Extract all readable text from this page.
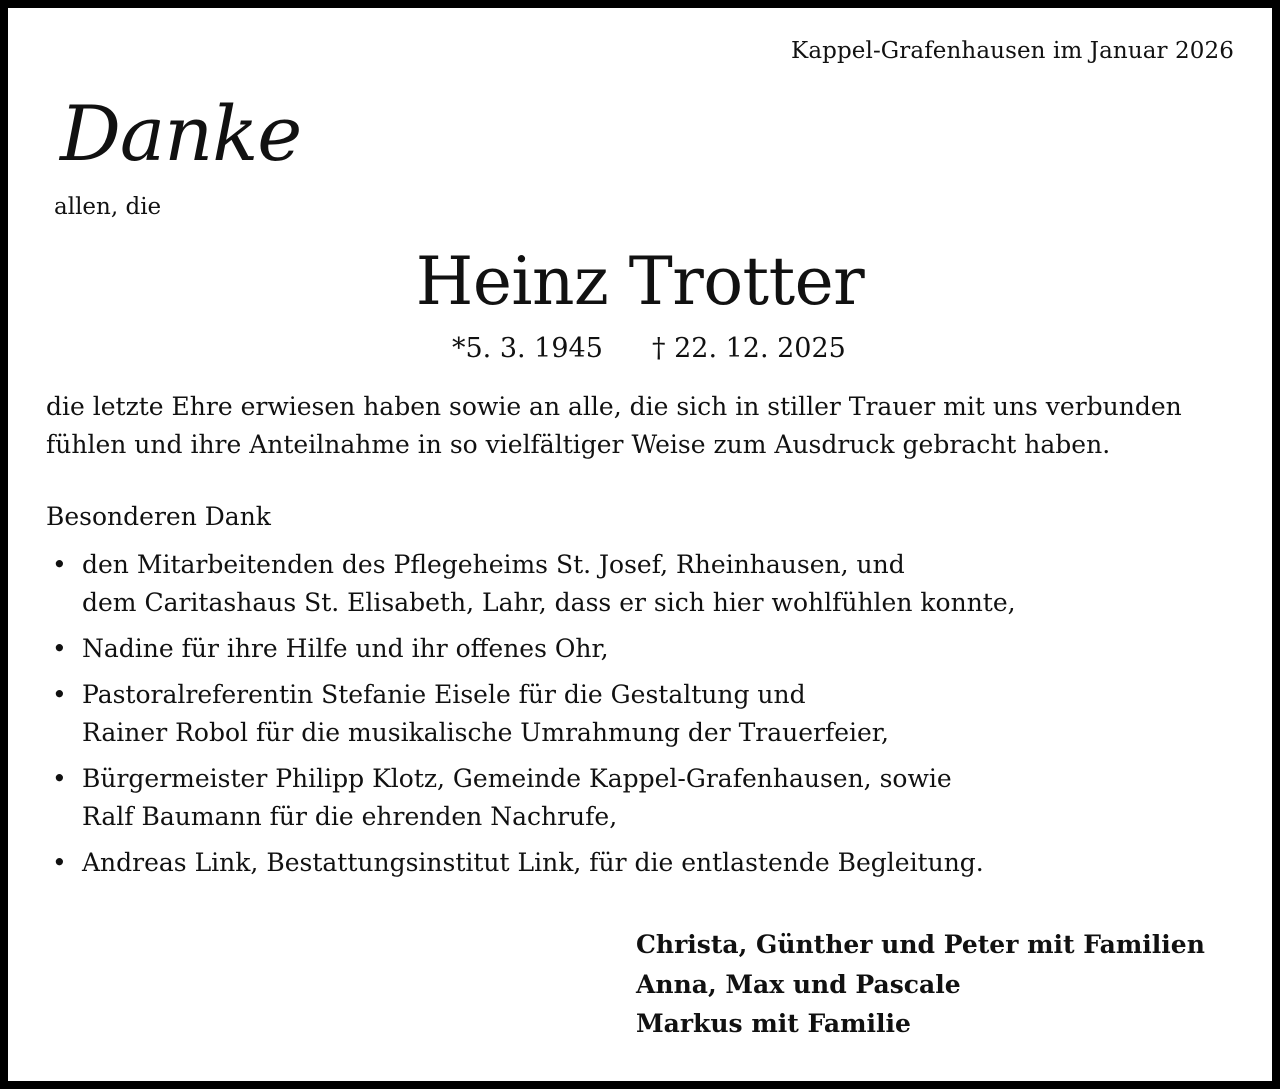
Kappel-Grafenhausen im Januar 2026
Danke
allen, die
Heinz Trotter
*5. 3. 1945 † 22. 12. 2025

die letzte Ehre erwiesen haben sowie an alle, die sich in stiller Trauer mit uns verbunden

fühlen und ihre Anteilnahme in so vielfältiger Weise zum Ausdruck gebracht haben.

Besonderen Dank
• den Mitarbeitenden des Pflegeheims St. Josef, Rheinhausen, und
dem Caritashaus St. Elisabeth, Lahr, dass er sich hier wohlfühlen konnte,
• Nadine für ihre Hilfe und ihr offenes Ohr,
• Pastoralreferentin Stefanie Eisele für die Gestaltung und
Rainer Robol für die musikalische Umrahmung der Trauerfeier,
• Bürgermeister Philipp Klotz, Gemeinde Kappel-Grafenhausen, sowie
Ralf Baumann für die ehrenden Nachrufe,
• Andreas Link, Bestattungsinstitut Link, für die entlastende Begleitung.
Christa, Günther und Peter mit Familien
Anna, Max und Pascale
Markus mit Familie
